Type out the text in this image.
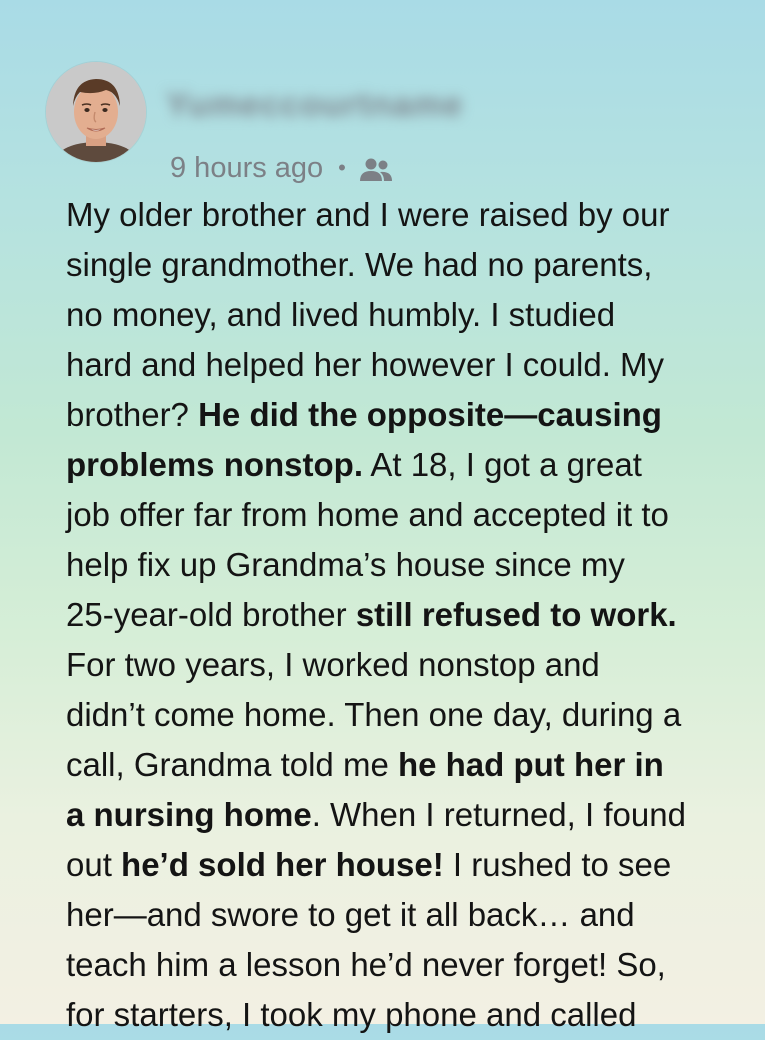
Yumeccourtname
9 hours ago •
My older brother and I were raised by our
single grandmother. We had no parents,
no money, and lived humbly. I studied
hard and helped her however I could. My
brother? He did the opposite—causing
problems nonstop. At 18, I got a great
job offer far from home and accepted it to
help fix up Grandma’s house since my
25-year-old brother still refused to work.
For two years, I worked nonstop and
didn’t come home. Then one day, during a
call, Grandma told me he had put her in
a nursing home. When I returned, I found
out he’d sold her house! I rushed to see
her—and swore to get it all back… and
teach him a lesson he’d never forget! So,
for starters, I took my phone and called
